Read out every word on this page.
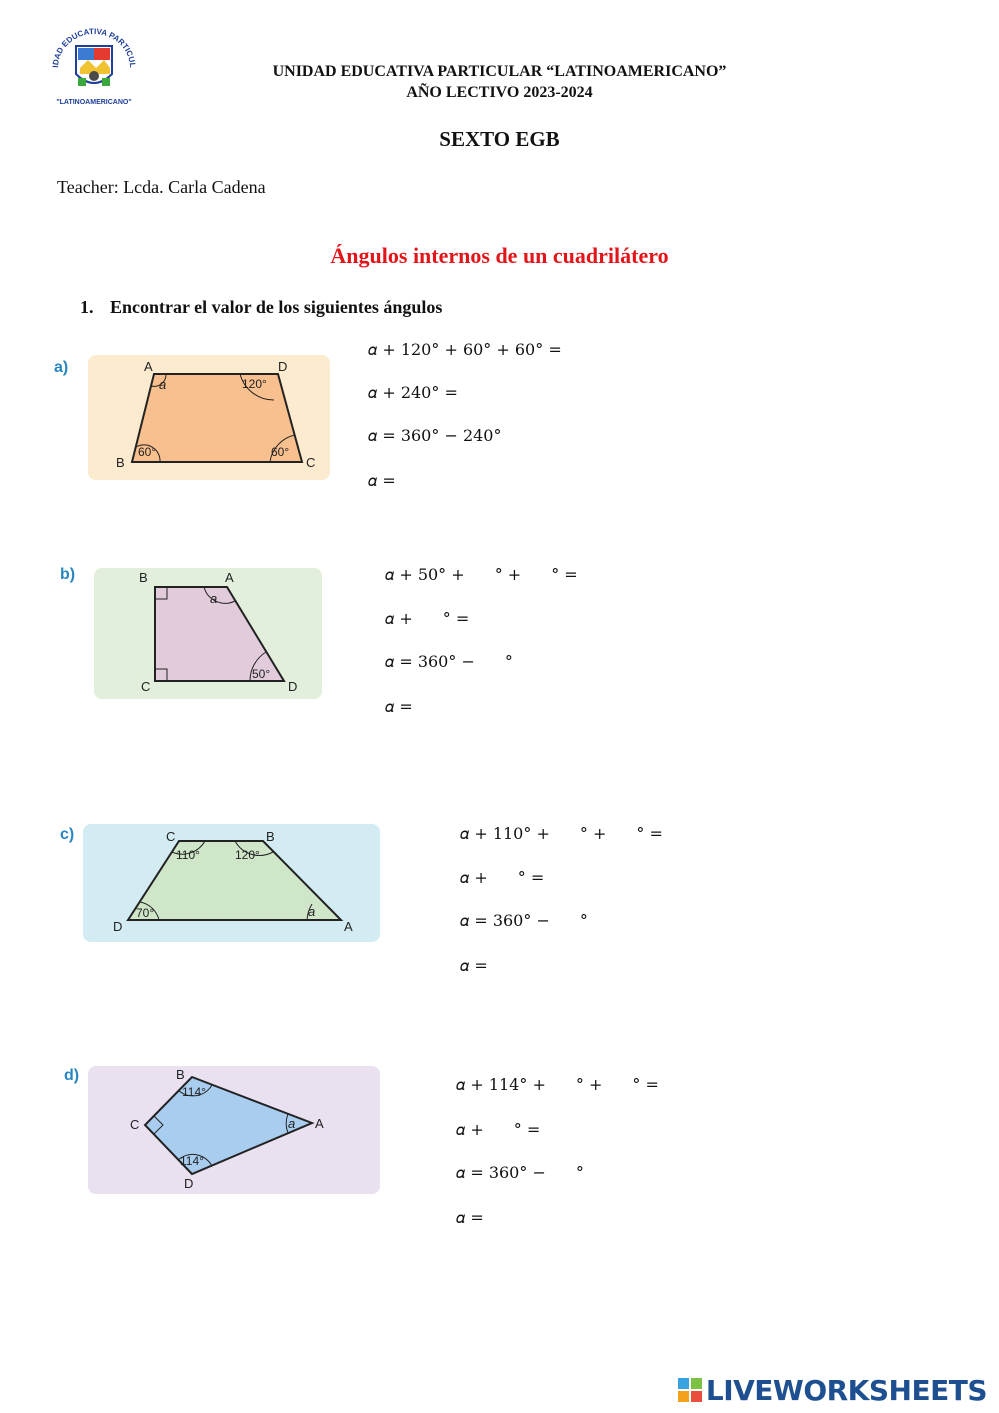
IDAD EDUCATIVA PARTICUL
"LATINOAMERICANO"
UNIDAD EDUCATIVA PARTICULAR “LATINOAMERICANO”
AÑO LECTIVO 2023-2024
SEXTO EGB
Teacher: Lcda. Carla Cadena
Ángulos internos de un cuadrilátero
1. Encontrar el valor de los siguientes ángulos
a)	A	D
B	C
a	120°
60°	60°
𝛼 + 120° + 60° + 60° =
𝛼 + 240° =
𝛼 = 360° − 240°
𝛼 =
b)	B	A
C	D
a
50°
𝛼 + 50° + ° + ° =
𝛼 + ° =
𝛼 = 360° − °
𝛼 =
c)	C	B
D	A
110°	120°
70°	a
𝛼 + 110° + ° + ° =
𝛼 + ° =
𝛼 = 360° − °
𝛼 =
d)	B
C	A
D
114°
a
114°
𝛼 + 114° + ° + ° =
𝛼 + ° =
𝛼 = 360° − °
𝛼 =
LIVEWORKSHEETS
